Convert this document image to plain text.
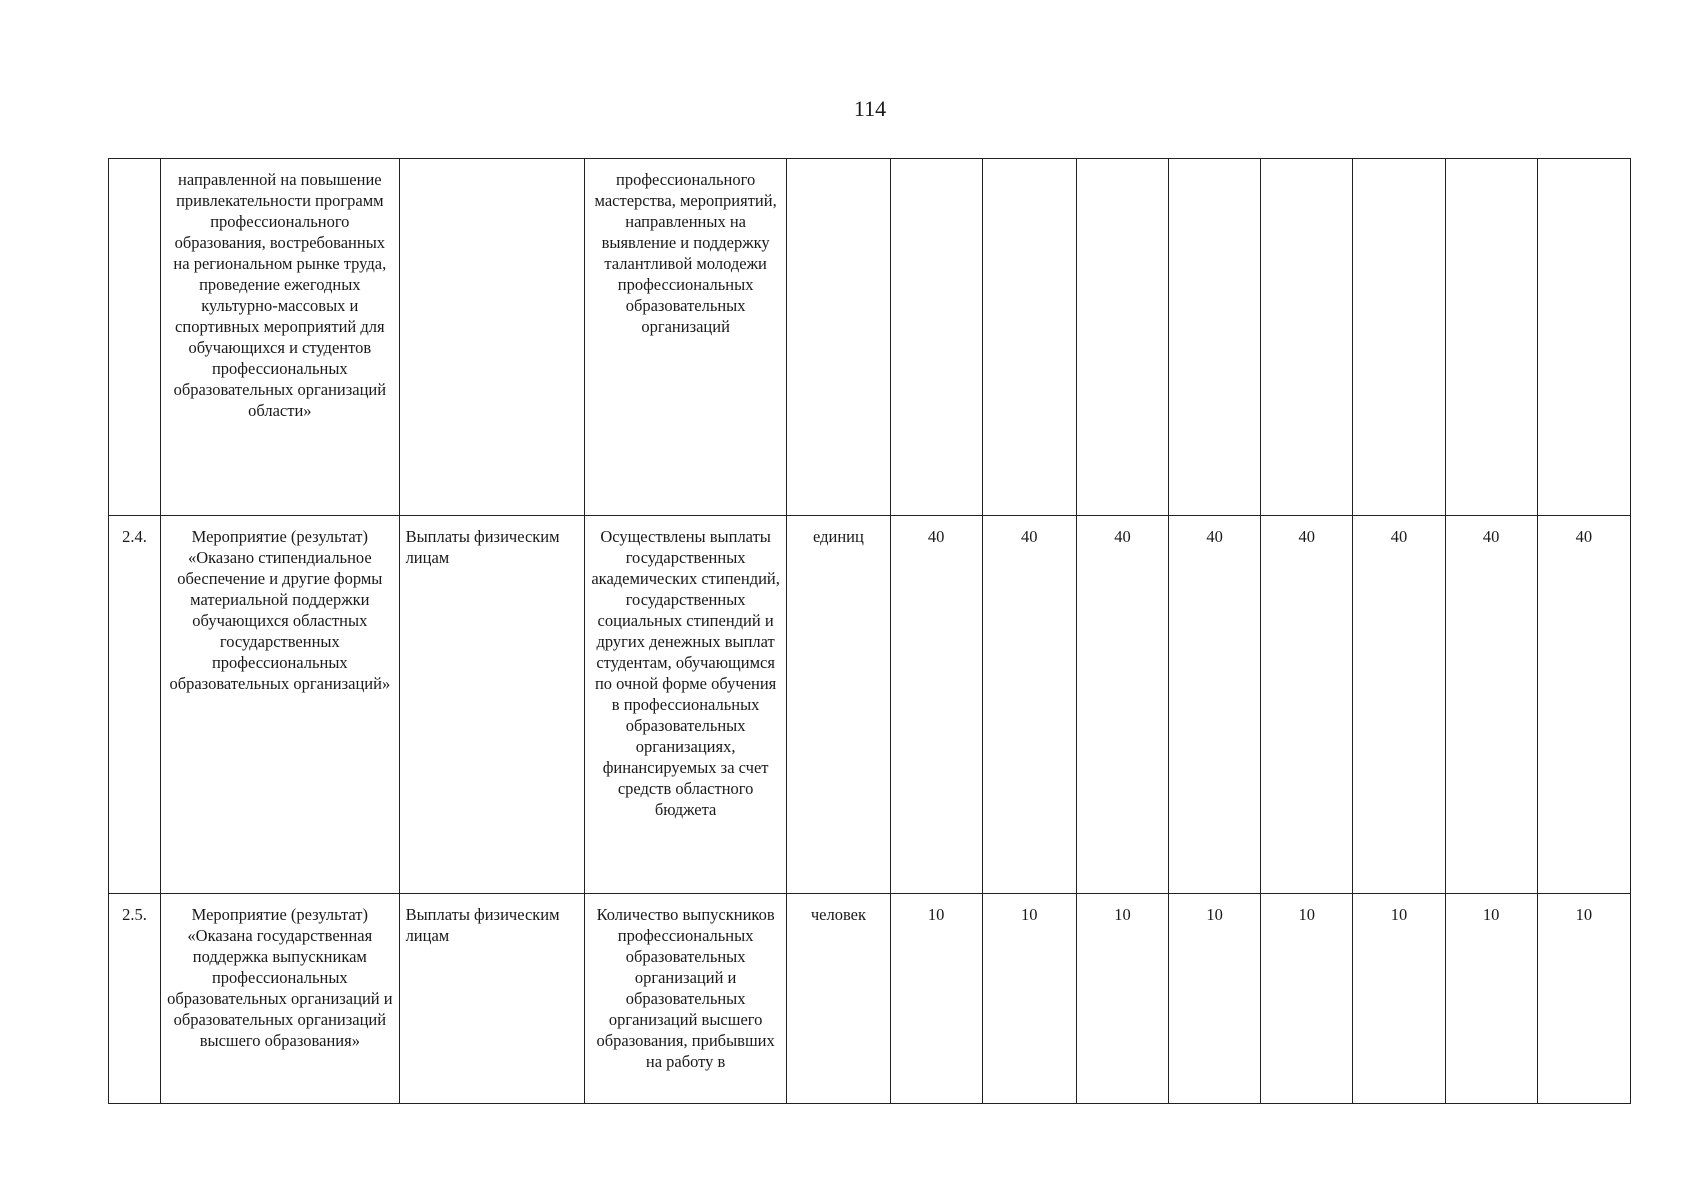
114
	направленной на повышение привлекательности программ профессионального образования, востребованных на региональном рынке труда, проведение ежегодных культурно-массовых и спортивных мероприятий для обучающихся и студентов профессиональных образовательных организаций области»		профессионального мастерства, мероприятий, направленных на выявление и поддержку талантливой молодежи профессиональных образовательных организаций									
2.4.	Мероприятие (результат) «Оказано стипендиальное обеспечение и другие формы материальной поддержки обучающихся областных государственных профессиональных образовательных организаций»	Выплаты физическим лицам	Осуществлены выплаты государственных академических стипендий, государственных социальных стипендий и других денежных выплат студентам, обучающимся по очной форме обучения в профессиональных образовательных организациях, финансируемых за счет средств областного бюджета	единиц	40	40	40	40	40	40	40	40
2.5.	Мероприятие (результат) «Оказана государственная поддержка выпускникам профессиональных образовательных организаций и образовательных организаций высшего образования»	Выплаты физическим лицам	Количество выпускников профессиональных образовательных организаций и образовательных организаций высшего образования, прибывших на работу в	человек	10	10	10	10	10	10	10	10
